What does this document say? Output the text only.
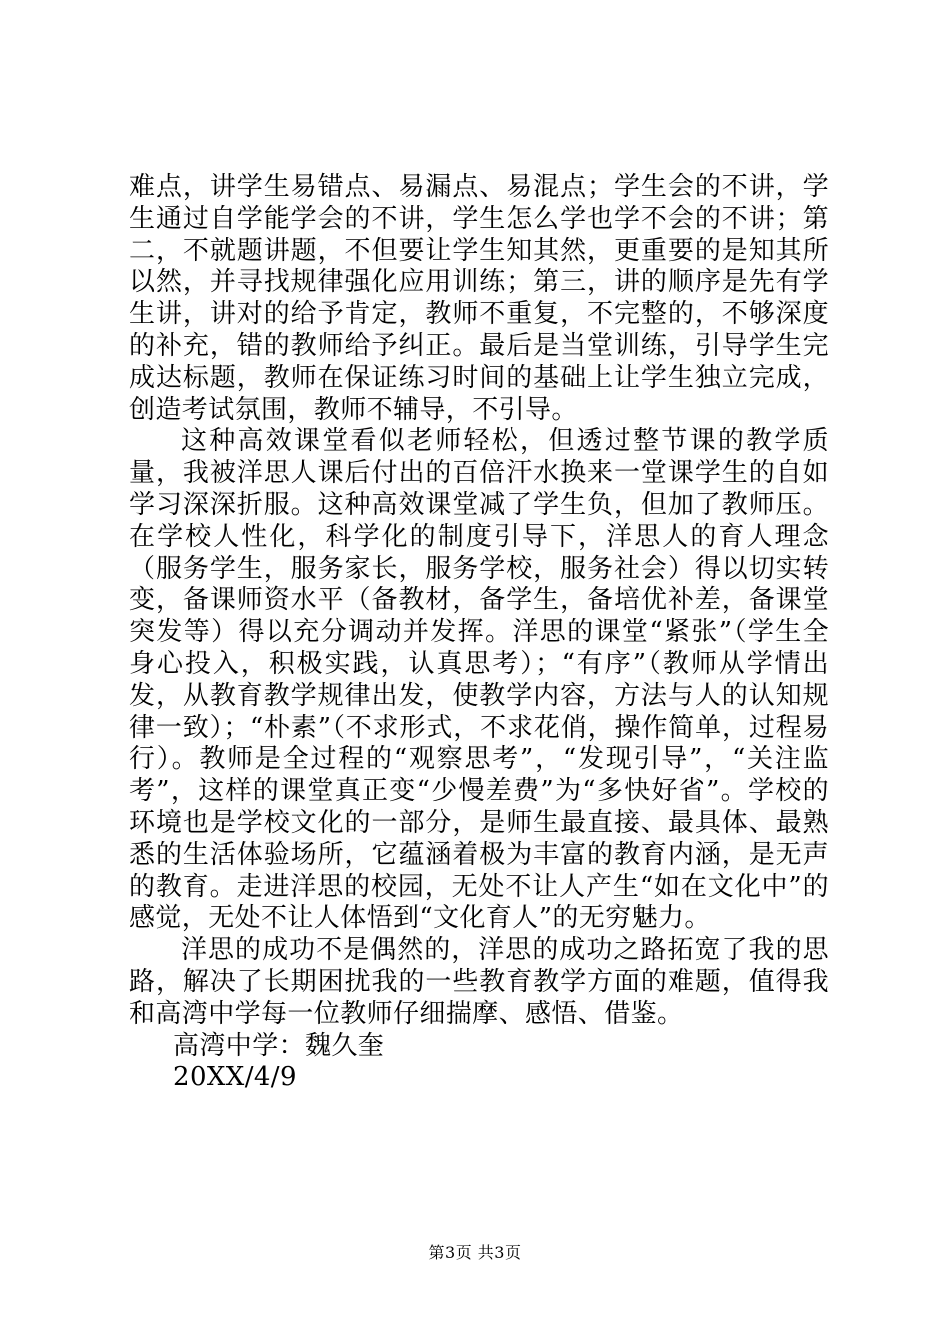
难点，讲学生易错点、易漏点、易混点；学生会的不讲，学生通过自学能学会的不讲，学生怎么学也学不会的不讲；第二，不就题讲题，不但要让学生知其然，更重要的是知其所以然，并寻找规律强化应用训练；第三，讲的顺序是先有学生讲，讲对的给予肯定，教师不重复，不完整的，不够深度的补充，错的教师给予纠正。最后是当堂训练，引导学生完成达标题，教师在保证练习时间的基础上让学生独立完成，创造考试氛围，教师不辅导，不引导。

这种高效课堂看似老师轻松，但透过整节课的教学质量，我被洋思人课后付出的百倍汗水换来一堂课学生的自如学习深深折服。这种高效课堂减了学生负，但加了教师压。在学校人性化，科学化的制度引导下，洋思人的育人理念（服务学生，服务家长，服务学校，服务社会）得以切实转变，备课师资水平（备教材，备学生，备培优补差，备课堂突发等）得以充分调动并发挥。洋思的课堂“紧张”（学生全身心投入，积极实践，认真思考）；“有序”（教师从学情出发，从教育教学规律出发，使教学内容，方法与人的认知规律一致）；“朴素”（不求形式，不求花俏，操作简单，过程易行）。教师是全过程的“观察思考”，“发现引导”，“关注监考”，这样的课堂真正变“少慢差费”为“多快好省”。学校的环境也是学校文化的一部分，是师生最直接、最具体、最熟悉的生活体验场所，它蕴涵着极为丰富的教育内涵，是无声的教育。走进洋思的校园，无处不让人产生“如在文化中”的感觉，无处不让人体悟到“文化育人”的无穷魅力。

洋思的成功不是偶然的，洋思的成功之路拓宽了我的思路，解决了长期困扰我的一些教育教学方面的难题，值得我和高湾中学每一位教师仔细揣摩、感悟、借鉴。

高湾中学：魏久奎

20XX/4/9

第3页 共3页
